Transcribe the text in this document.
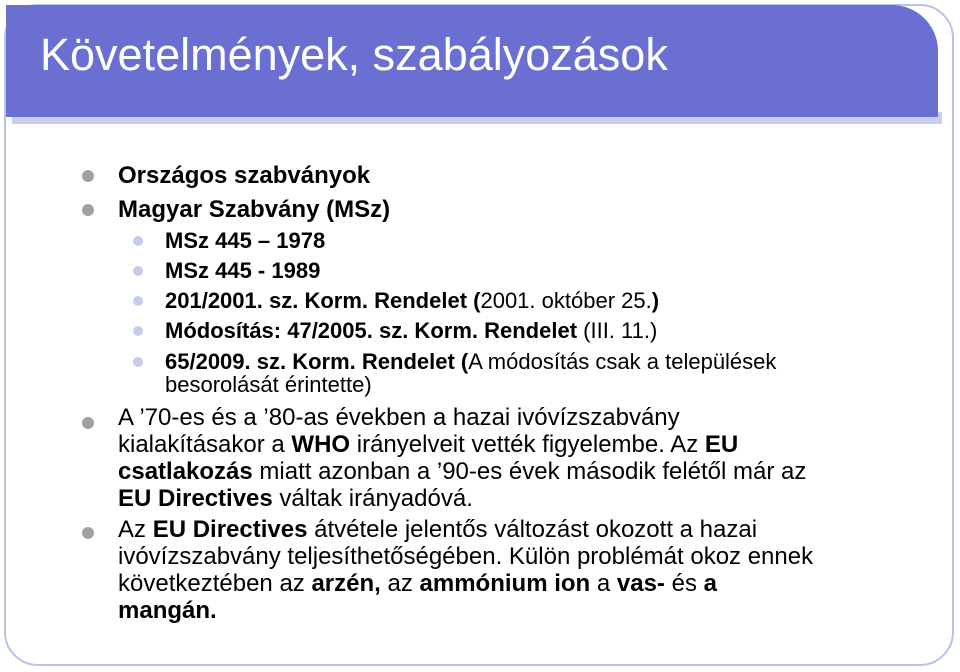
Követelmények, szabályozások
Országos szabványok
Magyar Szabvány (MSz)
MSz 445 – 1978
MSz 445 - 1989
201/2001. sz. Korm. Rendelet (2001. október 25.)
Módosítás: 47/2005. sz. Korm. Rendelet (III. 11.)
65/2009. sz. Korm. Rendelet (A módosítás csak a települések
besorolását érintette)
A ’70-es és a ’80-as években a hazai ivóvízszabvány
kialakításakor a WHO irányelveit vették figyelembe. Az EU
csatlakozás miatt azonban a ’90-es évek második felétől már az
EU Directives váltak irányadóvá.
Az EU Directives átvétele jelentős változást okozott a hazai
ivóvízszabvány teljesíthetőségében. Külön problémát okoz ennek
következtében az arzén, az ammónium ion a vas- és a
mangán.
